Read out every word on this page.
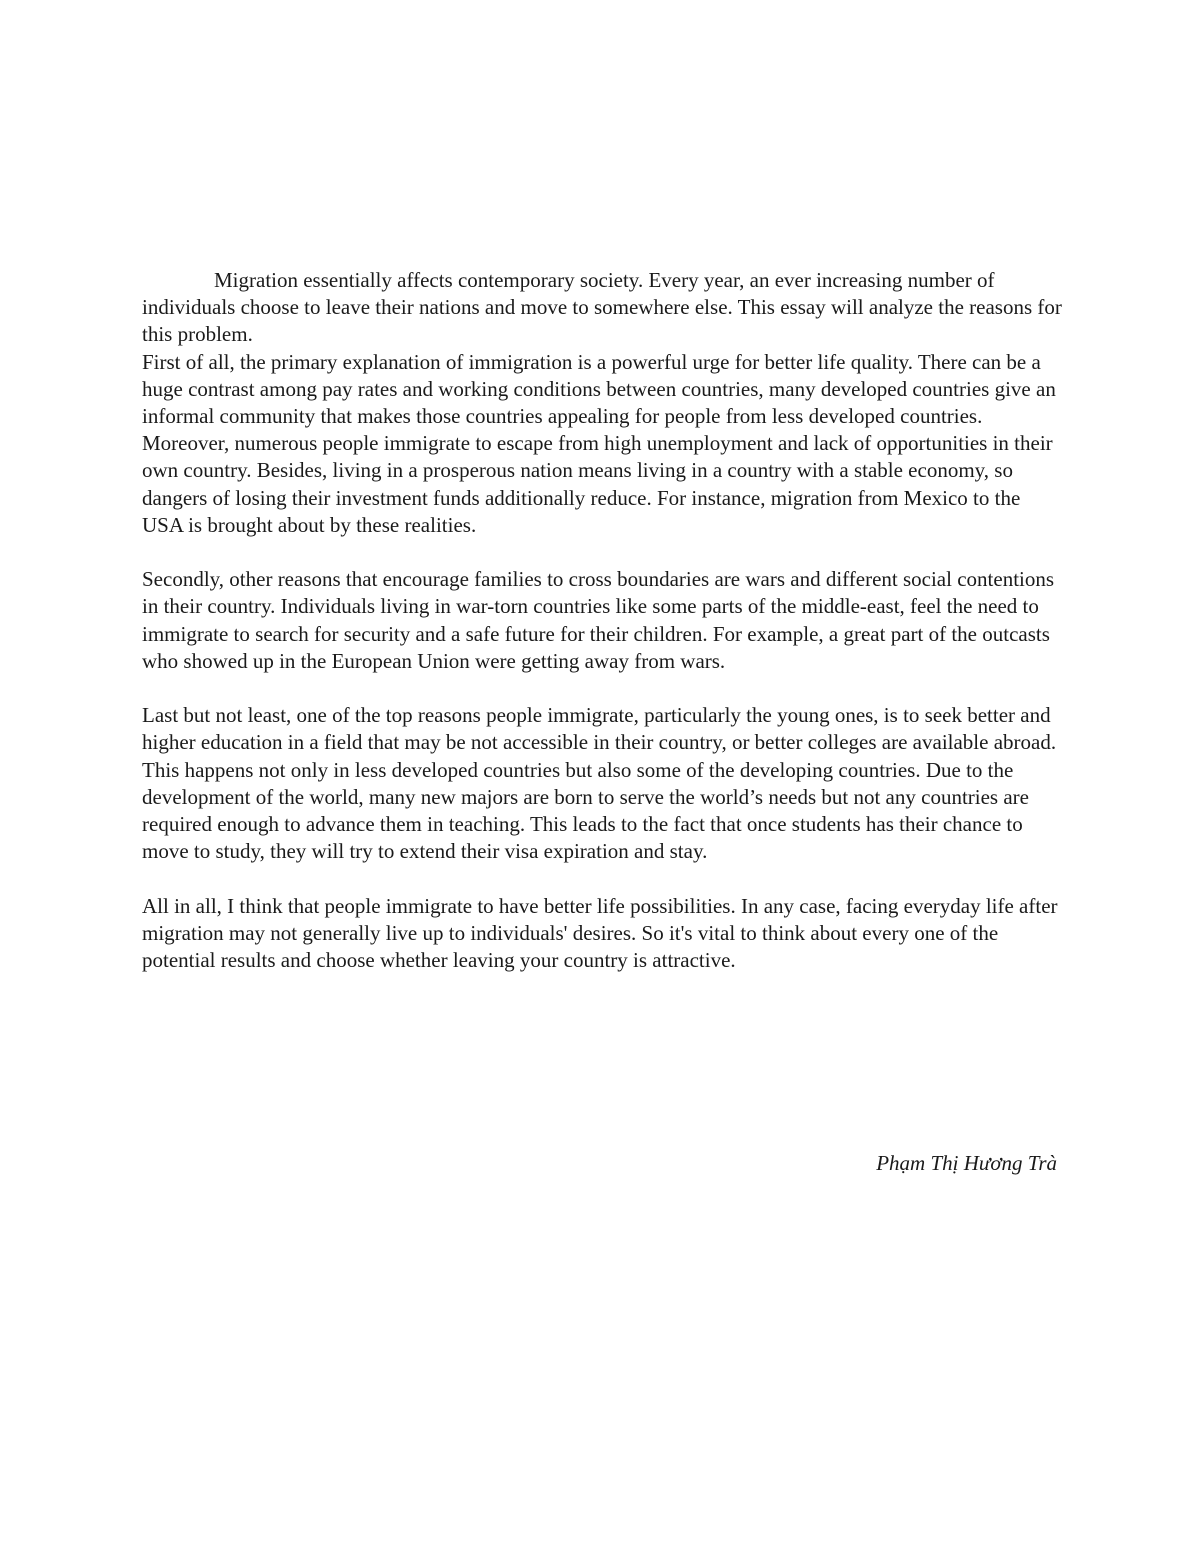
Migration essentially affects contemporary society. Every year, an ever increasing number of individuals choose to leave their nations and move to somewhere else. This essay will analyze the reasons for this problem.

First of all, the primary explanation of immigration is a powerful urge for better life quality. There can be a huge contrast among pay rates and working conditions between countries, many developed countries give an informal community that makes those countries appealing for people from less developed countries. Moreover, numerous people immigrate to escape from high unemployment and lack of opportunities in their own country. Besides, living in a prosperous nation means living in a country with a stable economy, so dangers of losing their investment funds additionally reduce. For instance, migration from Mexico to the USA is brought about by these realities.

Secondly, other reasons that encourage families to cross boundaries are wars and different social contentions in their country. Individuals living in war-torn countries like some parts of the middle-east, feel the need to immigrate to search for security and a safe future for their children. For example, a great part of the outcasts who showed up in the European Union were getting away from wars.

Last but not least, one of the top reasons people immigrate, particularly the young ones, is to seek better and higher education in a field that may be not accessible in their country, or better colleges are available abroad. This happens not only in less developed countries but also some of the developing countries. Due to the development of the world, many new majors are born to serve the world’s needs but not any countries are required enough to advance them in teaching. This leads to the fact that once students has their chance to move to study, they will try to extend their visa expiration and stay.

All in all, I think that people immigrate to have better life possibilities. In any case, facing everyday life after migration may not generally live up to individuals' desires. So it's vital to think about every one of the potential results and choose whether leaving your country is attractive.

Phạm Thị Hương Trà
